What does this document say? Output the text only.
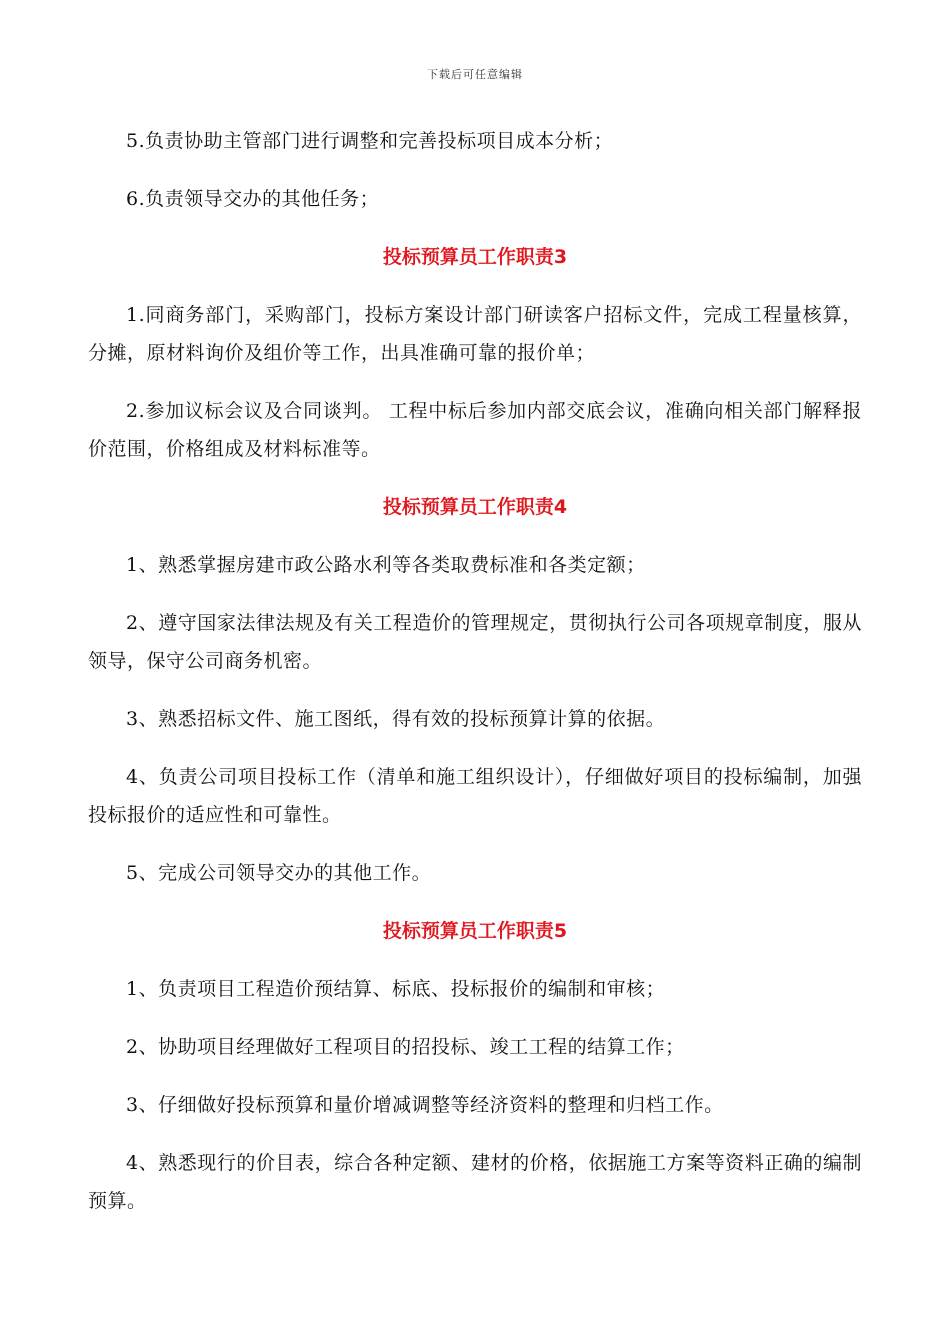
下载后可任意编辑

5.负责协助主管部门进行调整和完善投标项目成本分析；

6.负责领导交办的其他任务；

投标预算员工作职责3

1.同商务部门，采购部门，投标方案设计部门研读客户招标文件，完成工程量核算，分摊，原材料询价及组价等工作，出具准确可靠的报价单；

2.参加议标会议及合同谈判。 工程中标后参加内部交底会议，准确向相关部门解释报价范围，价格组成及材料标准等。

投标预算员工作职责4

1、熟悉掌握房建市政公路水利等各类取费标准和各类定额；

2、遵守国家法律法规及有关工程造价的管理规定，贯彻执行公司各项规章制度，服从领导，保守公司商务机密。

3、熟悉招标文件、施工图纸，得有效的投标预算计算的依据。

4、负责公司项目投标工作（清单和施工组织设计），仔细做好项目的投标编制，加强投标报价的适应性和可靠性。

5、完成公司领导交办的其他工作。

投标预算员工作职责5

1、负责项目工程造价预结算、标底、投标报价的编制和审核；

2、协助项目经理做好工程项目的招投标、竣工工程的结算工作；

3、仔细做好投标预算和量价增减调整等经济资料的整理和归档工作。

4、熟悉现行的价目表，综合各种定额、建材的价格，依据施工方案等资料正确的编制预算。
